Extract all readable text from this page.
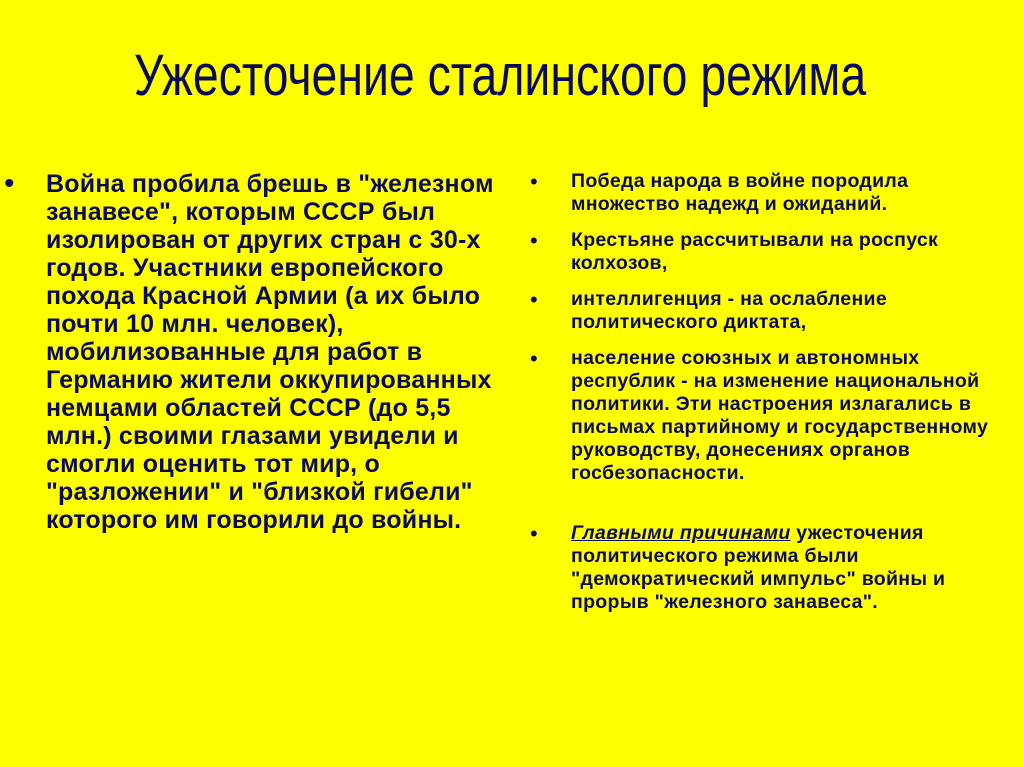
Ужесточение сталинского режима
• Война пробила брешь в "железном занавесе", которым СССР был изолирован от других стран с 30-х годов. Участники европейского похода Красной Армии (а их было почти 10 млн. человек), мобилизованные для работ в Германию жители оккупированных немцами областей СССР (до 5,5 млн.) своими глазами увидели и смогли оценить тот мир, о "разложении" и "близкой гибели" которого им говорили до войны.
• Победа народа в войне породила множество надежд и ожиданий.
• Крестьяне рассчитывали на роспуск колхозов,
• интеллигенция - на ослабление политического диктата,
• население союзных и автономных республик - на изменение национальной политики. Эти настроения излагались в письмах партийному и государственному руководству, донесениях органов госбезопасности.
• Главными причинами ужесточения политического режима были "демократический импульс" войны и прорыв "железного занавеса".
